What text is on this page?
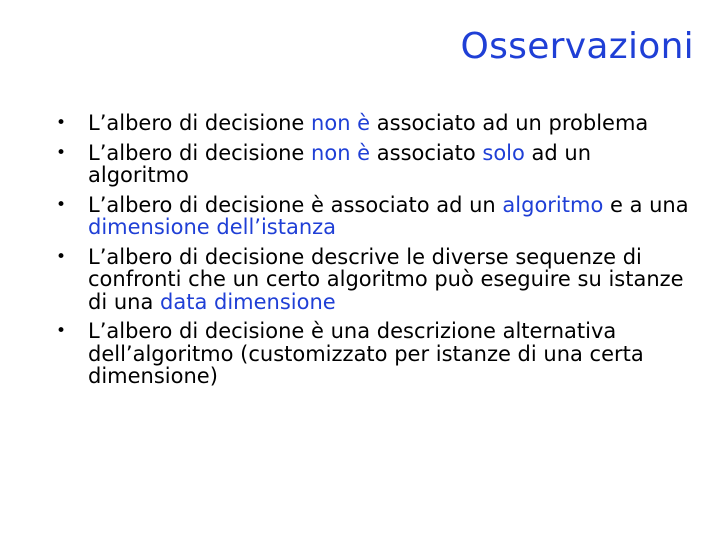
Osservazioni
• L’albero di decisione non è associato ad un problema
• L’albero di decisione non è associato solo ad un algoritmo
• L’albero di decisione è associato ad un algoritmo e a una dimensione dell’istanza
• L’albero di decisione descrive le diverse sequenze di confronti che un certo algoritmo può eseguire su istanze di una data dimensione
• L’albero di decisione è una descrizione alternativa dell’algoritmo (customizzato per istanze di una certa dimensione)
